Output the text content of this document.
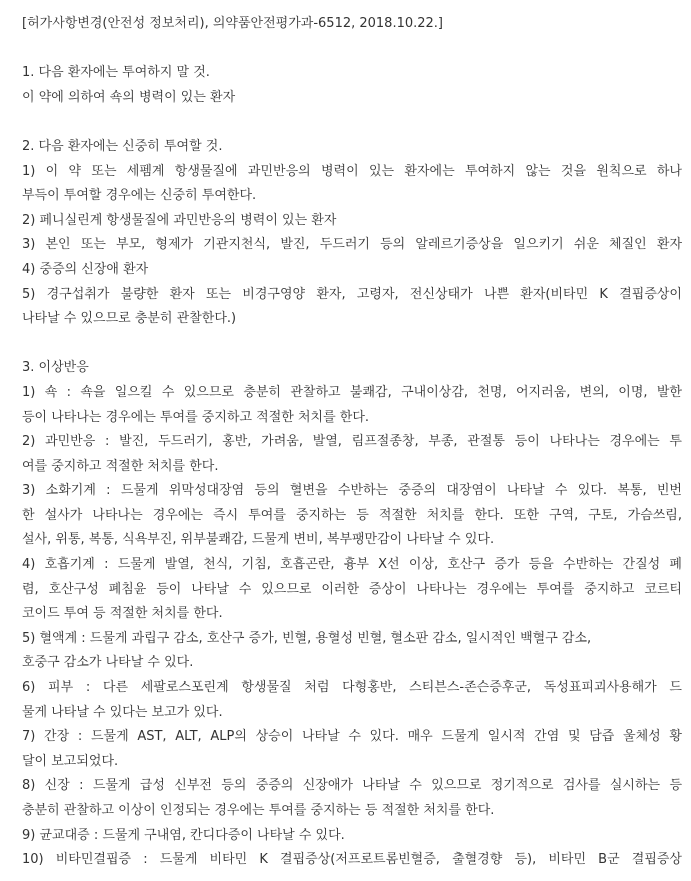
[허가사항변경(안전성 정보처리), 의약품안전평가과-6512, 2018.10.22.]
1. 다음 환자에는 투여하지 말 것.
이 약에 의하여 쇽의 병력이 있는 환자
2. 다음 환자에는 신중히 투여할 것.
1) 이 약 또는 세펨계 항생물질에 과민반응의 병력이 있는 환자에는 투여하지 않는 것을 원칙으로 하나
부득이 투여할 경우에는 신중히 투여한다.
2) 페니실린계 항생물질에 과민반응의 병력이 있는 환자
3) 본인 또는 부모, 형제가 기관지천식, 발진, 두드러기 등의 알레르기증상을 일으키기 쉬운 체질인 환자
4) 중증의 신장애 환자
5) 경구섭취가 불량한 환자 또는 비경구영양 환자, 고령자, 전신상태가 나쁜 환자(비타민 K 결핍증상이
나타날 수 있으므로 충분히 관찰한다.)
3. 이상반응
1) 쇽 : 쇽을 일으킬 수 있으므로 충분히 관찰하고 불쾌감, 구내이상감, 천명, 어지러움, 변의, 이명, 발한
등이 나타나는 경우에는 투여를 중지하고 적절한 처치를 한다.
2) 과민반응 : 발진, 두드러기, 홍반, 가려움, 발열, 림프절종창, 부종, 관절통 등이 나타나는 경우에는 투
여를 중지하고 적절한 처치를 한다.
3) 소화기계 : 드물게 위막성대장염 등의 혈변을 수반하는 중증의 대장염이 나타날 수 있다. 복통, 빈번
한 설사가 나타나는 경우에는 즉시 투여를 중지하는 등 적절한 처치를 한다. 또한 구역, 구토, 가슴쓰림,
설사, 위통, 복통, 식욕부진, 위부불쾌감, 드물게 변비, 복부팽만감이 나타날 수 있다.
4) 호흡기계 : 드물게 발열, 천식, 기침, 호흡곤란, 흉부 X선 이상, 호산구 증가 등을 수반하는 간질성 폐
렴, 호산구성 폐침윤 등이 나타날 수 있으므로 이러한 증상이 나타나는 경우에는 투여를 중지하고 코르티
코이드 투여 등 적절한 처치를 한다.
5) 혈액계 : 드물게 과립구 감소, 호산구 증가, 빈혈, 용혈성 빈혈, 혈소판 감소, 일시적인 백혈구 감소,
호중구 감소가 나타날 수 있다.
6) 피부 : 다른 세팔로스포린계 항생물질 처럼 다형홍반, 스티븐스-존슨증후군, 독성표피괴사용해가 드
물게 나타날 수 있다는 보고가 있다.
7) 간장 : 드물게 AST, ALT, ALP의 상승이 나타날 수 있다. 매우 드물게 일시적 간염 및 담즙 울체성 황
달이 보고되었다.
8) 신장 : 드물게 급성 신부전 등의 중증의 신장애가 나타날 수 있으므로 정기적으로 검사를 실시하는 등
충분히 관찰하고 이상이 인정되는 경우에는 투여를 중지하는 등 적절한 처치를 한다.
9) 균교대증 : 드물게 구내염, 칸디다증이 나타날 수 있다.
10) 비타민결핍증 : 드물게 비타민 K 결핍증상(저프로트롬빈혈증, 출혈경향 등), 비타민 B군 결핍증상
